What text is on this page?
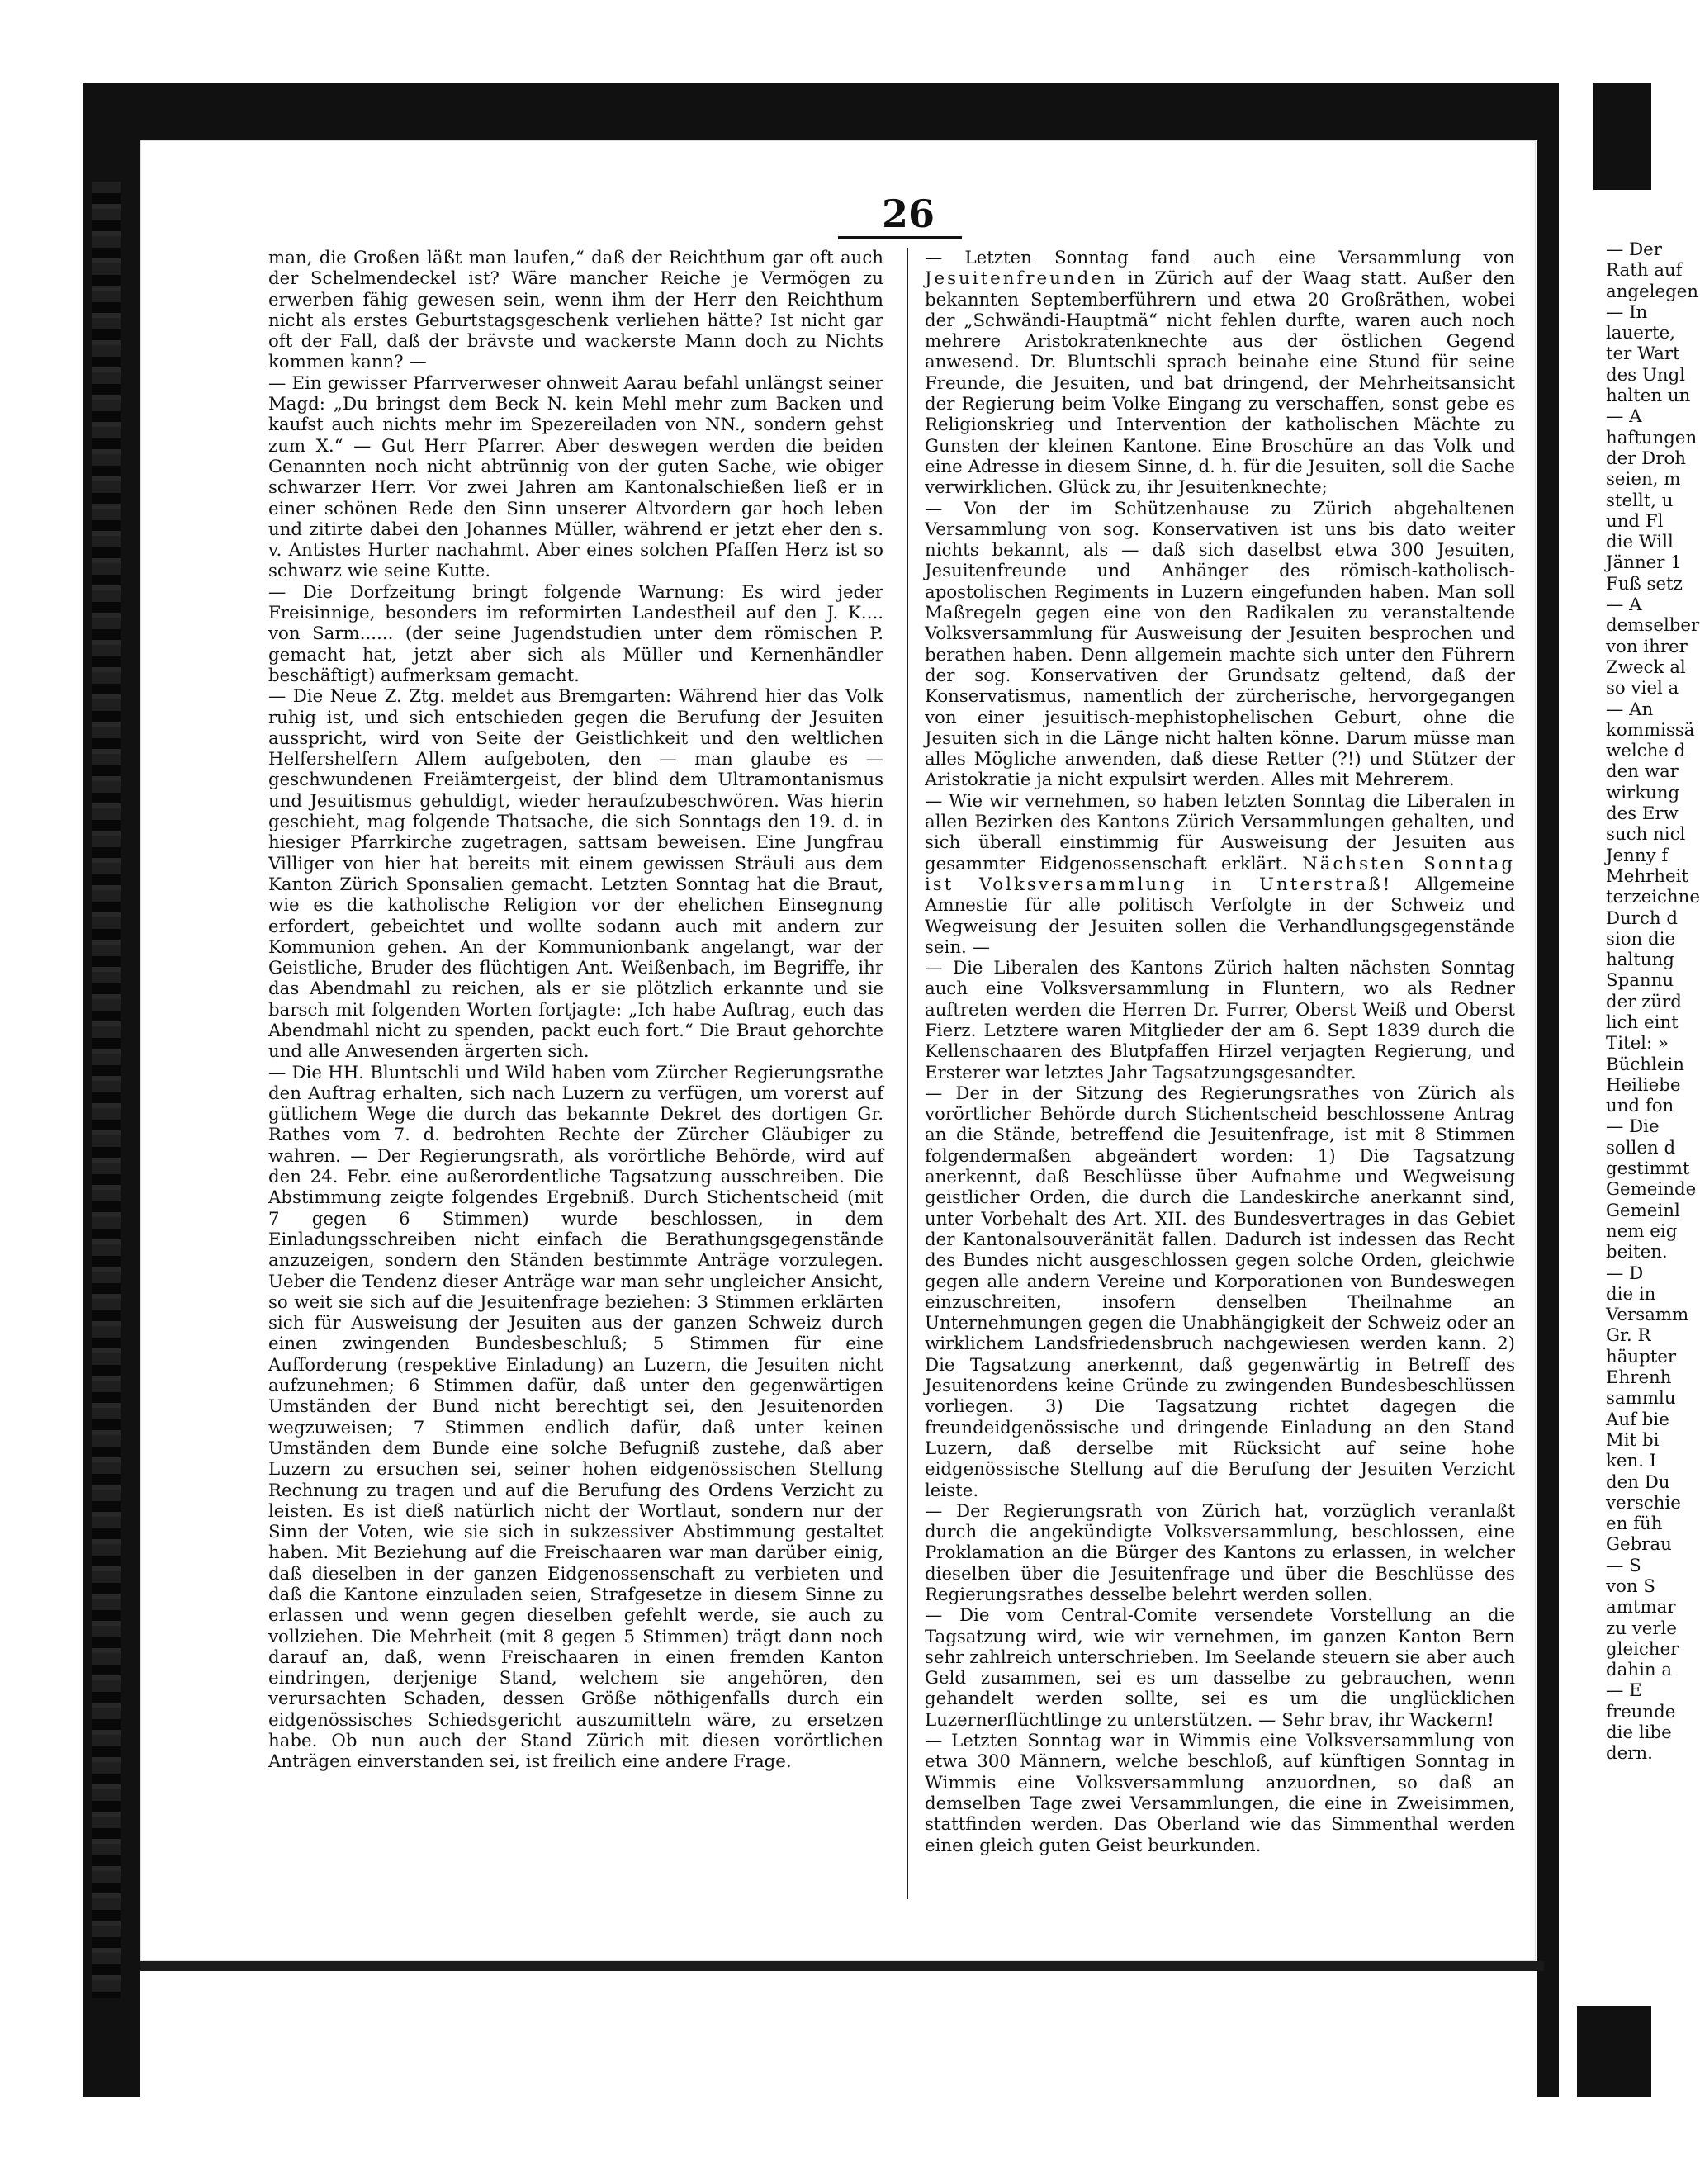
26

man, die Großen läßt man laufen,“ daß der Reichthum gar oft auch der Schelmendeckel ist? Wäre mancher Reiche je Vermögen zu erwerben fähig gewesen sein, wenn ihm der Herr den Reichthum nicht als erstes Geburtstagsgeschenk verliehen hätte? Ist nicht gar oft der Fall, daß der brävste und wackerste Mann doch zu Nichts kommen kann? —

— Ein gewisser Pfarrverweser ohnweit Aarau befahl unlängst seiner Magd: „Du bringst dem Beck N. kein Mehl mehr zum Backen und kaufst auch nichts mehr im Spezereiladen von NN., sondern gehst zum X.“ — Gut Herr Pfarrer. Aber deswegen werden die beiden Genannten noch nicht abtrünnig von der guten Sache, wie obiger schwarzer Herr. Vor zwei Jahren am Kantonalschießen ließ er in einer schönen Rede den Sinn unserer Altvordern gar hoch leben und zitirte dabei den Johannes Müller, während er jetzt eher den s. v. Antistes Hurter nachahmt. Aber eines solchen Pfaffen Herz ist so schwarz wie seine Kutte.

— Die Dorfzeitung bringt folgende Warnung: Es wird jeder Freisinnige, besonders im reformirten Landestheil auf den J. K.... von Sarm...... (der seine Jugendstudien unter dem römischen P. gemacht hat, jetzt aber sich als Müller und Kernenhändler beschäftigt) aufmerksam gemacht.

— Die Neue Z. Ztg. meldet aus Bremgarten: Während hier das Volk ruhig ist, und sich entschieden gegen die Berufung der Jesuiten ausspricht, wird von Seite der Geistlichkeit und den weltlichen Helfershelfern Allem aufgeboten, den — man glaube es — geschwundenen Freiämtergeist, der blind dem Ultramontanismus und Jesuitismus gehuldigt, wieder heraufzubeschwören. Was hierin geschieht, mag folgende Thatsache, die sich Sonntags den 19. d. in hiesiger Pfarrkirche zugetragen, sattsam beweisen. Eine Jungfrau Villiger von hier hat bereits mit einem gewissen Sträuli aus dem Kanton Zürich Sponsalien gemacht. Letzten Sonntag hat die Braut, wie es die katholische Religion vor der ehelichen Einsegnung erfordert, gebeichtet und wollte sodann auch mit andern zur Kommunion gehen. An der Kommunionbank angelangt, war der Geistliche, Bruder des flüchtigen Ant. Weißenbach, im Begriffe, ihr das Abendmahl zu reichen, als er sie plötzlich erkannte und sie barsch mit folgenden Worten fortjagte: „Ich habe Auftrag, euch das Abendmahl nicht zu spenden, packt euch fort.“ Die Braut gehorchte und alle Anwesenden ärgerten sich.

— Die HH. Bluntschli und Wild haben vom Zürcher Regierungsrathe den Auftrag erhalten, sich nach Luzern zu verfügen, um vorerst auf gütlichem Wege die durch das bekannte Dekret des dortigen Gr. Rathes vom 7. d. bedrohten Rechte der Zürcher Gläubiger zu wahren. — Der Regierungsrath, als vorörtliche Behörde, wird auf den 24. Febr. eine außerordentliche Tagsatzung ausschreiben. Die Abstimmung zeigte folgendes Ergebniß. Durch Stichentscheid (mit 7 gegen 6 Stimmen) wurde beschlossen, in dem Einladungsschreiben nicht einfach die Berathungsgegenstände anzuzeigen, sondern den Ständen bestimmte Anträge vorzulegen. Ueber die Tendenz dieser Anträge war man sehr ungleicher Ansicht, so weit sie sich auf die Jesuitenfrage beziehen: 3 Stimmen erklärten sich für Ausweisung der Jesuiten aus der ganzen Schweiz durch einen zwingenden Bundesbeschluß; 5 Stimmen für eine Aufforderung (respektive Einladung) an Luzern, die Jesuiten nicht aufzunehmen; 6 Stimmen dafür, daß unter den gegenwärtigen Umständen der Bund nicht berechtigt sei, den Jesuitenorden wegzuweisen; 7 Stimmen endlich dafür, daß unter keinen Umständen dem Bunde eine solche Befugniß zustehe, daß aber Luzern zu ersuchen sei, seiner hohen eidgenössischen Stellung Rechnung zu tragen und auf die Berufung des Ordens Verzicht zu leisten. Es ist dieß natürlich nicht der Wortlaut, sondern nur der Sinn der Voten, wie sie sich in sukzessiver Abstimmung gestaltet haben. Mit Beziehung auf die Freischaaren war man darüber einig, daß dieselben in der ganzen Eidgenossenschaft zu verbieten und daß die Kantone einzuladen seien, Strafgesetze in diesem Sinne zu erlassen und wenn gegen dieselben gefehlt werde, sie auch zu vollziehen. Die Mehrheit (mit 8 gegen 5 Stimmen) trägt dann noch darauf an, daß, wenn Freischaaren in einen fremden Kanton eindringen, derjenige Stand, welchem sie angehören, den verursachten Schaden, dessen Größe nöthigenfalls durch ein eidgenössisches Schiedsgericht auszumitteln wäre, zu ersetzen habe. Ob nun auch der Stand Zürich mit diesen vorörtlichen Anträgen einverstanden sei, ist freilich eine andere Frage.

— Letzten Sonntag fand auch eine Versammlung von Jesuitenfreunden in Zürich auf der Waag statt. Außer den bekannten Septemberführern und etwa 20 Großräthen, wobei der „Schwändi-Hauptmä“ nicht fehlen durfte, waren auch noch mehrere Aristokratenknechte aus der östlichen Gegend anwesend. Dr. Bluntschli sprach beinahe eine Stund für seine Freunde, die Jesuiten, und bat dringend, der Mehrheitsansicht der Regierung beim Volke Eingang zu verschaffen, sonst gebe es Religionskrieg und Intervention der katholischen Mächte zu Gunsten der kleinen Kantone. Eine Broschüre an das Volk und eine Adresse in diesem Sinne, d. h. für die Jesuiten, soll die Sache verwirklichen. Glück zu, ihr Jesuitenknechte;

— Von der im Schützenhause zu Zürich abgehaltenen Versammlung von sog. Konservativen ist uns bis dato weiter nichts bekannt, als — daß sich daselbst etwa 300 Jesuiten, Jesuitenfreunde und Anhänger des römisch-katholisch-apostolischen Regiments in Luzern eingefunden haben. Man soll Maßregeln gegen eine von den Radikalen zu veranstaltende Volksversammlung für Ausweisung der Jesuiten besprochen und berathen haben. Denn allgemein machte sich unter den Führern der sog. Konservativen der Grundsatz geltend, daß der Konservatismus, namentlich der zürcherische, hervorgegangen von einer jesuitisch-mephistophelischen Geburt, ohne die Jesuiten sich in die Länge nicht halten könne. Darum müsse man alles Mögliche anwenden, daß diese Retter (?!) und Stützer der Aristokratie ja nicht expulsirt werden. Alles mit Mehrerem.

— Wie wir vernehmen, so haben letzten Sonntag die Liberalen in allen Bezirken des Kantons Zürich Versammlungen gehalten, und sich überall einstimmig für Ausweisung der Jesuiten aus gesammter Eidgenossenschaft erklärt. Nächsten Sonntag ist Volksversammlung in Unterstraß! Allgemeine Amnestie für alle politisch Verfolgte in der Schweiz und Wegweisung der Jesuiten sollen die Verhandlungsgegenstände sein. —

— Die Liberalen des Kantons Zürich halten nächsten Sonntag auch eine Volksversammlung in Fluntern, wo als Redner auftreten werden die Herren Dr. Furrer, Oberst Weiß und Oberst Fierz. Letztere waren Mitglieder der am 6. Sept 1839 durch die Kellenschaaren des Blutpfaffen Hirzel verjagten Regierung, und Ersterer war letztes Jahr Tagsatzungsgesandter.

— Der in der Sitzung des Regierungsrathes von Zürich als vorörtlicher Behörde durch Stichentscheid beschlossene Antrag an die Stände, betreffend die Jesuitenfrage, ist mit 8 Stimmen folgendermaßen abgeändert worden: 1) Die Tagsatzung anerkennt, daß Beschlüsse über Aufnahme und Wegweisung geistlicher Orden, die durch die Landeskirche anerkannt sind, unter Vorbehalt des Art. XII. des Bundesvertrages in das Gebiet der Kantonalsouveränität fallen. Dadurch ist indessen das Recht des Bundes nicht ausgeschlossen gegen solche Orden, gleichwie gegen alle andern Vereine und Korporationen von Bundeswegen einzuschreiten, insofern denselben Theilnahme an Unternehmungen gegen die Unabhängigkeit der Schweiz oder an wirklichem Landsfriedensbruch nachgewiesen werden kann. 2) Die Tagsatzung anerkennt, daß gegenwärtig in Betreff des Jesuitenordens keine Gründe zu zwingenden Bundesbeschlüssen vorliegen. 3) Die Tagsatzung richtet dagegen die freundeidgenössische und dringende Einladung an den Stand Luzern, daß derselbe mit Rücksicht auf seine hohe eidgenössische Stellung auf die Berufung der Jesuiten Verzicht leiste.

— Der Regierungsrath von Zürich hat, vorzüglich veranlaßt durch die angekündigte Volksversammlung, beschlossen, eine Proklamation an die Bürger des Kantons zu erlassen, in welcher dieselben über die Jesuitenfrage und über die Beschlüsse des Regierungsrathes desselbe belehrt werden sollen.

— Die vom Central-Comite versendete Vorstellung an die Tagsatzung wird, wie wir vernehmen, im ganzen Kanton Bern sehr zahlreich unterschrieben. Im Seelande steuern sie aber auch Geld zusammen, sei es um dasselbe zu gebrauchen, wenn gehandelt werden sollte, sei es um die unglücklichen Luzernerflüchtlinge zu unterstützen. — Sehr brav, ihr Wackern!

— Letzten Sonntag war in Wimmis eine Volksversammlung von etwa 300 Männern, welche beschloß, auf künftigen Sonntag in Wimmis eine Volksversammlung anzuordnen, so daß an demselben Tage zwei Versammlungen, die eine in Zweisimmen, stattfinden werden. Das Oberland wie das Simmenthal werden einen gleich guten Geist beurkunden.

— Der
Rath auf
angelegen
— In
lauerte,
ter Wart
des Ungl
halten un
— A
haftungen
der Droh
seien, m
stellt, u
und Fl
die Will
Jänner 1
Fuß setz
— A
demselber
von ihrer
Zweck al
so viel a
— An
kommissä
welche d
den war
wirkung
des Erw
such nicl
Jenny f
Mehrheit
terzeichne
Durch d
sion die
haltung
Spannu
der zürd
lich eint
Titel: »
Büchlein
Heiliebe
und fon
— Die
sollen d
gestimmt
Gemeinde
Gemeinl
nem eig
beiten.
— D
die in
Versamm
Gr. R
häupter
Ehrenh
sammlu
Auf bie
Mit bi
ken. I
den Du
verschie
en füh
Gebrau
— S
von S
amtmar
zu verle
gleicher
dahin a
— E
freunde
die libe
dern.
